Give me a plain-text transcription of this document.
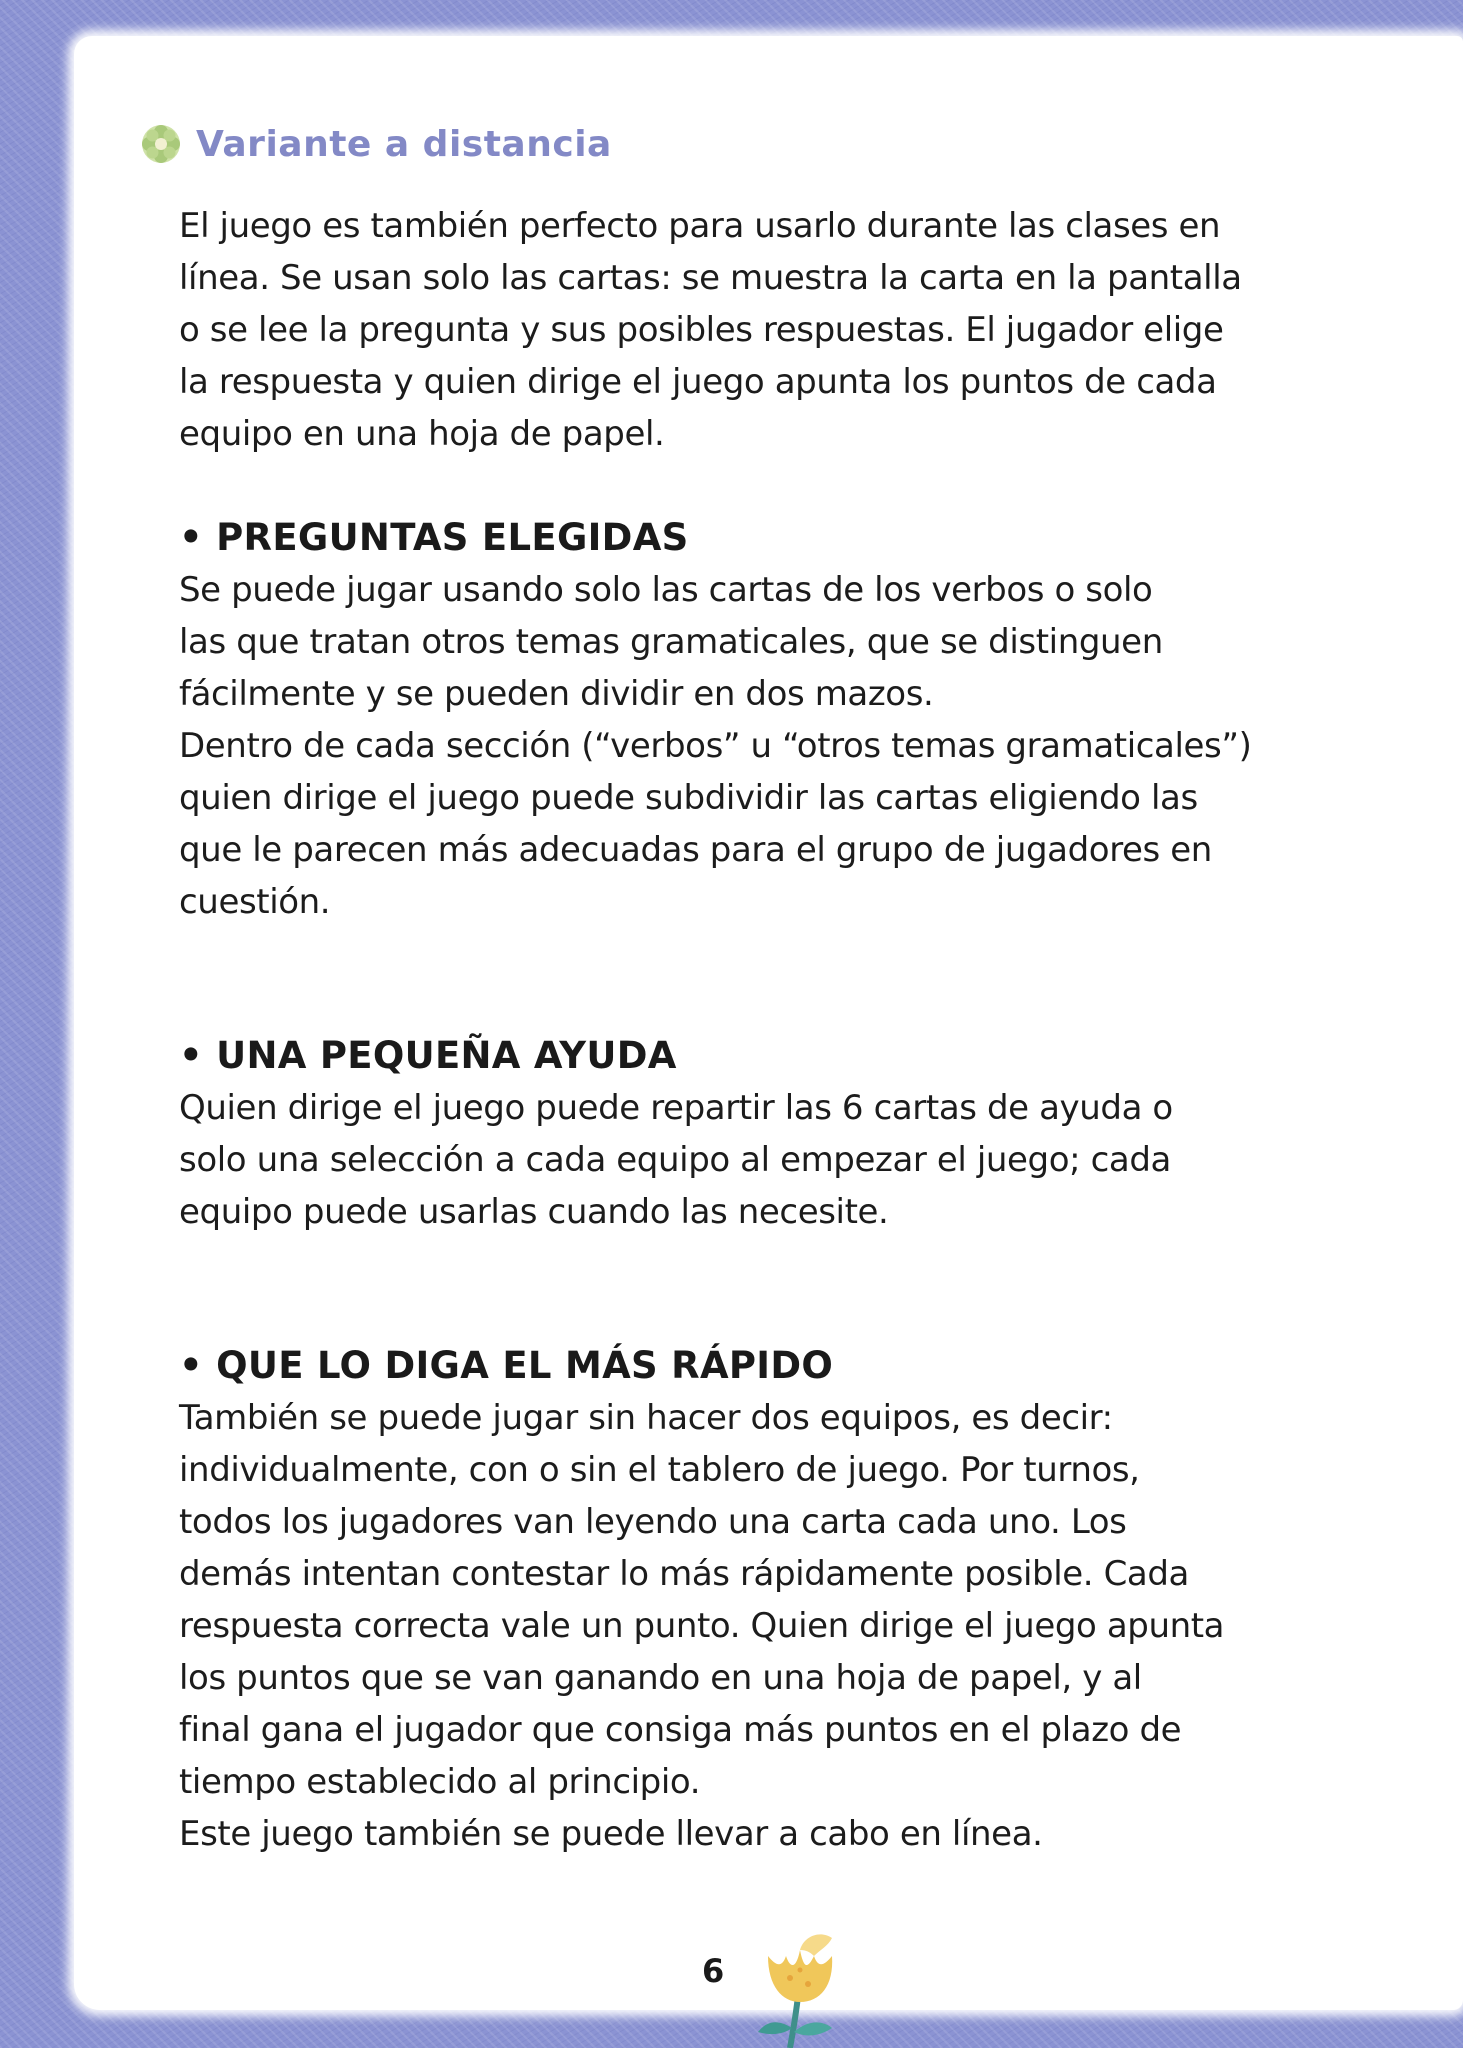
Variante a distancia

El juego es también perfecto para usarlo durante las clases en
línea. Se usan solo las cartas: se muestra la carta en la pantalla
o se lee la pregunta y sus posibles respuestas. El jugador elige
la respuesta y quien dirige el juego apunta los puntos de cada
equipo en una hoja de papel.

• PREGUNTAS ELEGIDAS

Se puede jugar usando solo las cartas de los verbos o solo
las que tratan otros temas gramaticales, que se distinguen
fácilmente y se pueden dividir en dos mazos.
Dentro de cada sección (“verbos” u “otros temas gramaticales”)
quien dirige el juego puede subdividir las cartas eligiendo las
que le parecen más adecuadas para el grupo de jugadores en
cuestión.

• UNA PEQUEÑA AYUDA

Quien dirige el juego puede repartir las 6 cartas de ayuda o
solo una selección a cada equipo al empezar el juego; cada
equipo puede usarlas cuando las necesite.

• QUE LO DIGA EL MÁS RÁPIDO

También se puede jugar sin hacer dos equipos, es decir:
individualmente, con o sin el tablero de juego. Por turnos,
todos los jugadores van leyendo una carta cada uno. Los
demás intentan contestar lo más rápidamente posible. Cada
respuesta correcta vale un punto. Quien dirige el juego apunta
los puntos que se van ganando en una hoja de papel, y al
final gana el jugador que consiga más puntos en el plazo de
tiempo establecido al principio.
Este juego también se puede llevar a cabo en línea.

6
